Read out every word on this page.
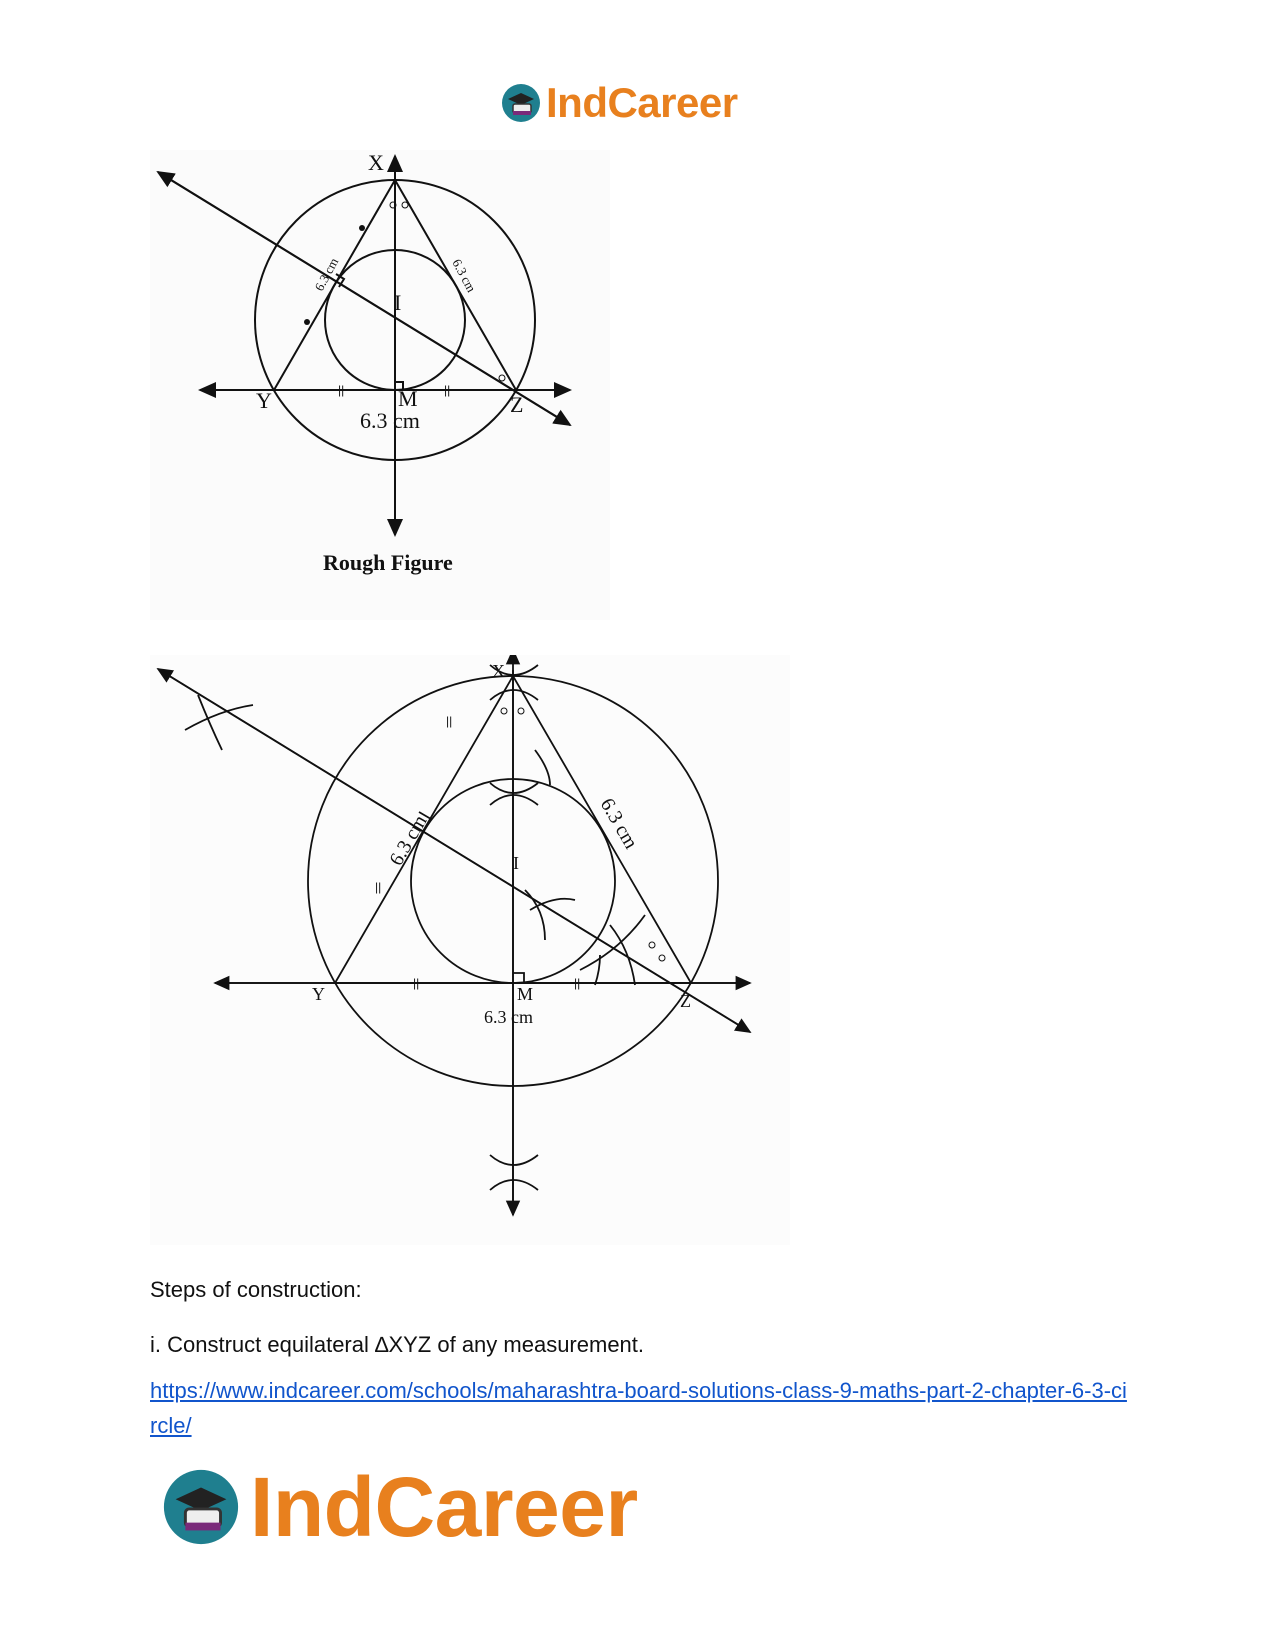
IndCareer
||	||
X
Y	Z
I
M
6.3 cm
6.3 cm	6.3 cm
Rough Figure
||
||
||	||
X
Y	Z
I
M
6.3 cm
6.3 cm	6.3 cm
Steps of construction:
i. Construct equilateral ∆XYZ of any measurement.
https://www.indcareer.com/schools/maharashtra-board-solutions-class-9-maths-part-2-chapter-6-3-circle/
IndCareer
